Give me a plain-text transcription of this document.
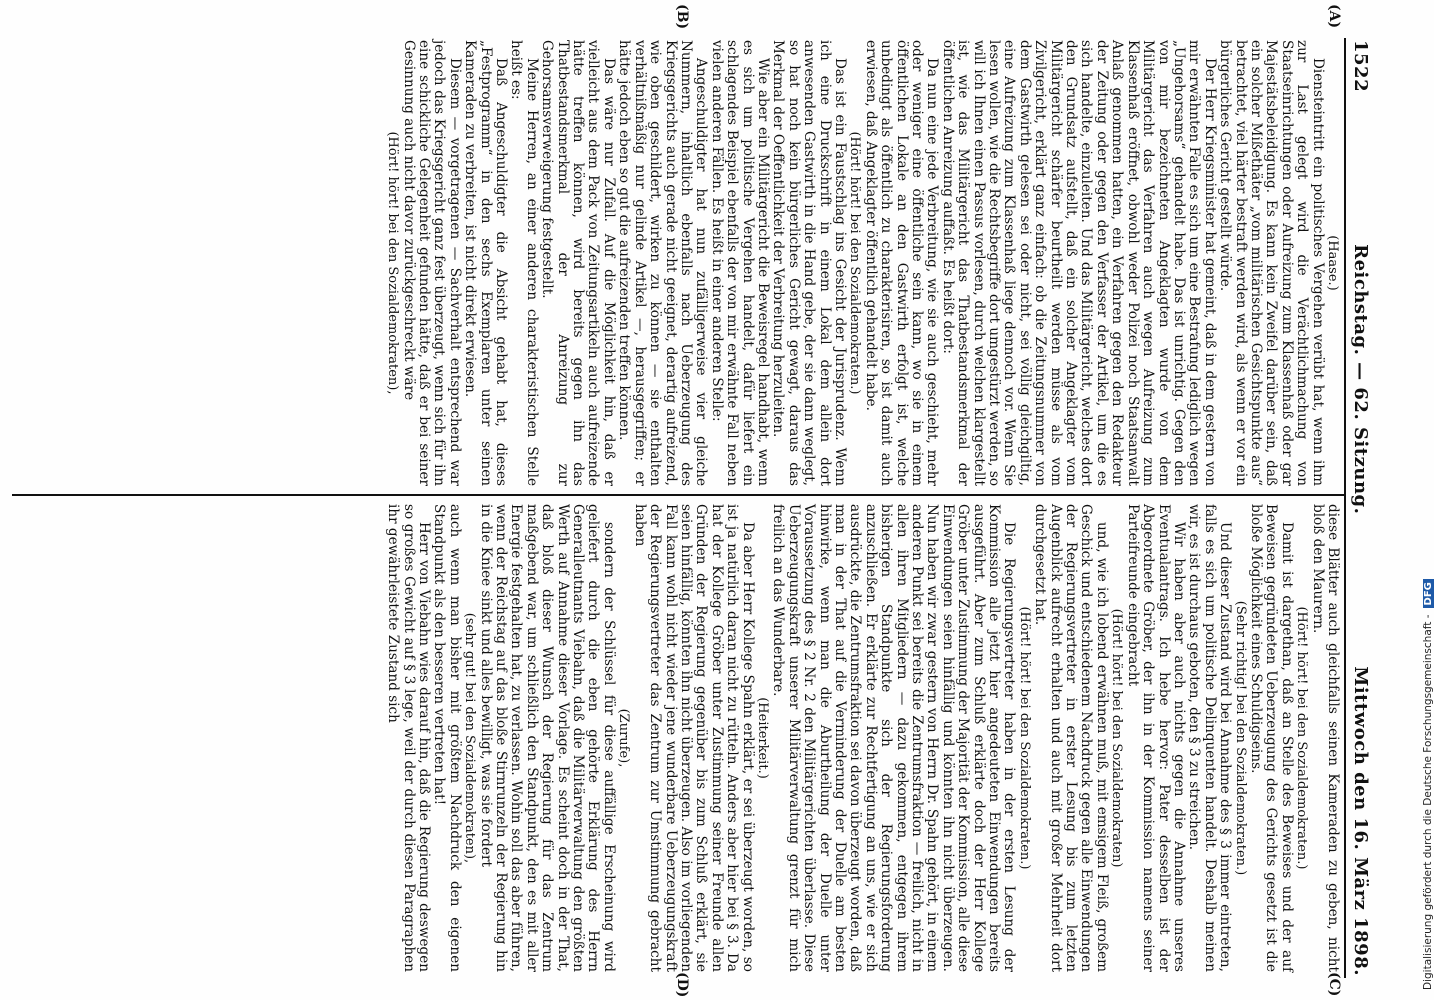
1522
Reichstag. — 62. Sitzung.
Mittwoch den 16. März 1898.
(A)
(B)
(C)
(D)

(Haase.)

Diensteintritt ein politisches Vergehen verübt hat, wenn ihm zur Last gelegt wird die Verächtlichmachung von Staatseinrichtungen oder Aufreizung zum Klassenhaß oder gar Majestätsbeleidigung. Es kann kein Zweifel darüber sein, daß ein solcher Mißethäter „vom militärischen Gesichtspunkte aus“ betrachtet, viel härter bestraft werden wird, als wenn er vor ein bürgerliches Gericht gestellt würde.

Der Herr Kriegsminister hat gemeint, daß in dem gestern von mir erwähnten Falle es sich um eine Bestrafung lediglich wegen „Ungehorsams“ gehandelt habe. Das ist unrichtig. Gegen den von mir bezeichneten Angeklagten wurde von dem Militärgericht das Verfahren auch wegen Aufreizung zum Klassenhaß eröffnet, obwohl weder Polizei noch Staatsanwalt Anlaß genommen hatten, ein Verfahren gegen den Redakteur der Zeitung oder gegen den Verfasser der Artikel, um die es sich handelte, einzuleiten. Und das Militärgericht, welches dort den Grundsatz aufstellt, daß ein solcher Angeklagter vom Militärgericht schärfer beurtheilt werden müsse als vom Zivilgericht, erklärt ganz einfach: ob die Zeitungsnummer von dem Gastwirth gelesen sei oder nicht, sei völlig gleichgiltig, eine Aufreizung zum Klassenhaß liege dennoch vor. Wenn Sie lesen wollen, wie die Rechtsbegriffe dort umgestürzt werden, so will ich Ihnen einen Passus vorlesen, durch welchen klargestellt ist, wie das Militärgericht das Thatbestandsmerkmal der öffentlichen Anreizung auffaßt. Es heißt dort:

Da nun eine jede Verbreitung, wie sie auch geschieht, mehr oder weniger eine öffentliche sein kann, wo sie in einem öffentlichen Lokale an den Gastwirth erfolgt ist, welche unbedingt als öffentlich zu charakterisiren, so ist damit auch erwiesen, daß Angeklagter öffentlich gehandelt habe.

(Hört! hört! bei den Sozialdemokraten.)

Das ist ein Faustschlag ins Gesicht der Jurisprudenz. Wenn ich eine Druckschrift in einem Lokal dem allein dort anwesenden Gastwirth in die Hand gebe, der sie dann weglegt, so hat noch kein bürgerliches Gericht gewagt, daraus das Merkmal der Oeffentlichkeit der Verbreitung herzuleiten.

Wie aber ein Militärgericht die Beweisregel handhabt, wenn es sich um politische Vergehen handelt, dafür liefert ein schlagendes Beispiel ebenfalls der von mir erwähnte Fall neben vielen anderen Fällen. Es heißt in einer anderen Stelle:

Angeschuldigter hat nun zufälligerweise vier gleiche Nummern, inhaltlich ebenfalls nach Ueberzeugung des Kriegsgerichts auch gerade nicht geeignet, derartig aufreizend, wie oben geschildert, wirken zu können — sie enthalten verhältnißmäßig nur gelinde Artikel —, herausgegriffen; er hätte jedoch eben so gut die aufreizenden treffen können.

Das wäre nur Zufall. Auf die Möglichkeit hin, daß er vielleicht aus dem Pack von Zeitungsartikeln auch aufreizende hätte treffen können, wird bereits gegen ihn das Thatbestandsmerkmal der Anreizung zur Gehorsamsverweigerung festgestellt.

Meine Herren, an einer anderen charakteristischen Stelle heißt es:

Daß Angeschuldigter die Absicht gehabt hat, dieses „Festprogramm“ in den sechs Exemplaren unter seinen Kameraden zu verbreiten, ist nicht direkt erwiesen.

Diesem — vorgetragenen — Sachverhalt entsprechend war jedoch das Kriegsgericht ganz fest überzeugt, wenn sich für ihn eine schickliche Gelegenheit gefunden hätte, daß er bei seiner Gesinnung auch nicht davor zurückgeschreckt wäre

(Hört! hört! bei den Sozialdemokraten),

diese Blätter auch gleichfalls seinen Kameraden zu geben, nicht bloß den Maurern.

(Hört! hört! bei den Sozialdemokraten.)

Damit ist dargethan, daß an Stelle des Beweises und der auf Beweisen gegründeten Ueberzeugung des Gerichts gesetzt ist die bloße Möglichkeit eines Schuldigseins.

(Sehr richtig! bei den Sozialdemokraten.)

Und dieser Zustand wird bei Annahme des § 3 immer eintreten, falls es sich um politische Delinquenten handelt. Deshalb meinen wir, es ist durchaus geboten, den § 3 zu streichen.

Wir haben aber auch nichts gegen die Annahme unseres Eventualantrags. Ich hebe hervor: Pater desselben ist der Abgeordnete Gröber, der ihn in der Kommission namens seiner Parteifreunde eingebracht

(Hört! hört! bei den Sozialdemokraten)

und, wie ich lobend erwähnen muß, mit emsigem Fleiß, großem Geschick und entschiedenem Nachdruck gegen alle Einwendungen der Regierungsvertreter in erster Lesung bis zum letzten Augenblick aufrecht erhalten und auch mit großer Mehrheit dort durchgesetzt hat.

(Hört! hört! bei den Sozialdemokraten.)

Die Regierungsvertreter haben in der ersten Lesung der Kommission alle jetzt hier angedeuteten Einwendungen bereits ausgeführt. Aber zum Schluß erklärte doch der Herr Kollege Gröber unter Zustimmung der Majorität der Kommission, alle diese Einwendungen seien hinfällig und könnten ihn nicht überzeugen. Nun haben wir zwar gestern von Herrn Dr. Spahn gehört, in einem anderen Punkt sei bereits die Zentrumsfraktion — freilich, nicht in allen ihren Mitgliedern — dazu gekommen, entgegen ihrem bisherigen Standpunkte sich der Regierungsforderung anzuschließen. Er erklärte zur Rechtfertigung an uns, wie er sich ausdrückte, die Zentrumsfraktion sei davon überzeugt worden, daß man in der That auf die Verminderung der Duelle am besten hinwirke, wenn man die Aburtheilung der Duelle unter Voraussetzung des § 2 Nr. 2 den Militärgerichten überlasse. Diese Ueberzeugungskraft unserer Militärverwaltung grenzt für mich freilich an das Wunderbare.

(Heiterkeit.)

Da aber Herr Kollege Spahn erklärt, er sei überzeugt worden, so ist ja natürlich daran nicht zu rütteln. Anders aber hier bei § 3. Da hat der Kollege Gröber unter Zustimmung seiner Freunde allen Gründen der Regierung gegenüber bis zum Schluß erklärt, sie seien hinfällig, könnten ihn nicht überzeugen. Also im vorliegenden Fall kann wohl nicht wieder jene wunderbare Ueberzeugungskraft der Regierungsvertreter das Zentrum zur Umstimmung gebracht haben

(Zurufe),

sondern der Schlüssel für diese auffällige Erscheinung wird geliefert durch die eben gehörte Erklärung des Herrn Generalleutnants Viebahn, daß die Militärverwaltung den größten Werth auf Annahme dieser Vorlage. Es scheint doch in der That, daß bloß dieser Wunsch der Regierung für das Zentrum maßgebend war, um schließlich den Standpunkt, den es mit aller Energie festgehalten hat, zu verlassen. Wohin soll das aber führen, wenn der Reichstag auf das bloße Stirnrunzeln der Regierung hin in die Kniee sinkt und alles bewilligt, was sie fordert

(sehr gut! bei den Sozialdemokraten),

auch wenn man bisher mit größtem Nachdruck den eigenen Standpunkt als den besseren vertreten hat!

Herr von Viebahn wies darauf hin, daß die Regierung deswegen so großes Gewicht auf § 3 lege, weil der durch diesen Paragraphen ihr gewährleistete Zustand sich

Digitalisierung gefördert durch die Deutsche Forschungsgemeinschaft -
DFG
